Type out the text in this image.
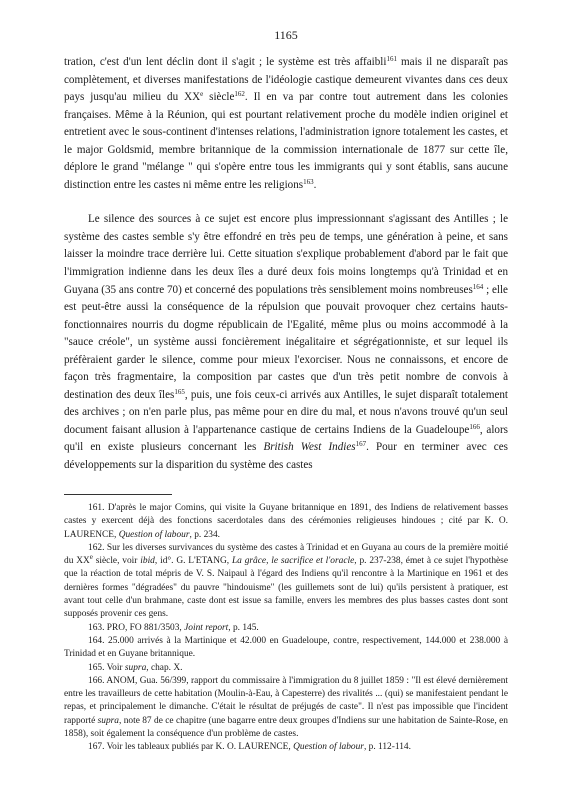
1165

tration, c'est d'un lent déclin dont il s'agit ; le système est très affaibli$^{161}$ mais il ne disparaît pas complètement, et diverses manifestations de l'idéologie castique demeurent vivantes dans ces deux pays jusqu'au milieu du XXe siècle$^{162}$. Il en va par contre tout autrement dans les colonies françaises. Même à la Réunion, qui est pourtant relativement proche du modèle indien originel et entretient avec le sous-continent d'intenses relations, l'administration ignore totalement les castes, et le major Goldsmid, membre britannique de la commission internationale de 1877 sur cette île, déplore le grand "mélange " qui s'opère entre tous les immigrants qui y sont établis, sans aucune distinction entre les castes ni même entre les religions$^{163}$.

Le silence des sources à ce sujet est encore plus impressionnant s'agissant des Antilles ; le système des castes semble s'y être effondré en très peu de temps, une génération à peine, et sans laisser la moindre trace derrière lui. Cette situation s'explique probablement d'abord par le fait que l'immigration indienne dans les deux îles a duré deux fois moins longtemps qu'à Trinidad et en Guyana (35 ans contre 70) et concerné des populations très sensiblement moins nombreuses$^{164}$ ; elle est peut-être aussi la conséquence de la répulsion que pouvait provoquer chez certains hauts-fonctionnaires nourris du dogme républicain de l'Egalité, même plus ou moins accommodé à la "sauce créole", un système aussi foncièrement inégalitaire et ségrégationniste, et sur lequel ils préfèraient garder le silence, comme pour mieux l'exorciser. Nous ne connaissons, et encore de façon très fragmentaire, la composition par castes que d'un très petit nombre de convois à destination des deux îles$^{165}$, puis, une fois ceux-ci arrivés aux Antilles, le sujet disparaît totalement des archives ; on n'en parle plus, pas même pour en dire du mal, et nous n'avons trouvé qu'un seul document faisant allusion à l'appartenance castique de certains Indiens de la Guadeloupe$^{166}$, alors qu'il en existe plusieurs concernant les British West Indies$^{167}$. Pour en terminer avec ces développements sur la disparition du système des castes

161. D'après le major Comins, qui visite la Guyane britannique en 1891, des Indiens de relativement basses castes y exercent déjà des fonctions sacerdotales dans des cérémonies religieuses hindoues ; cité par K. O. LAURENCE, Question of labour, p. 234.

162. Sur les diverses survivances du système des castes à Trinidad et en Guyana au cours de la première moitié du XXe siècle, voir ibid, id°. G. L'ETANG, La grâce, le sacrifice et l'oracle, p. 237-238, émet à ce sujet l'hypothèse que la réaction de total mépris de V. S. Naipaul à l'égard des Indiens qu'il rencontre à la Martinique en 1961 et des dernières formes "dégradées" du pauvre "hindouisme" (les guillemets sont de lui) qu'ils persistent à pratiquer, est avant tout celle d'un brahmane, caste dont est issue sa famille, envers les membres des plus basses castes dont sont supposés provenir ces gens.

163. PRO, FO 881/3503, Joint report, p. 145.

164. 25.000 arrivés à la Martinique et 42.000 en Guadeloupe, contre, respectivement, 144.000 et 238.000 à Trinidad et en Guyane britannique.

165. Voir supra, chap. X.

166. ANOM, Gua. 56/399, rapport du commissaire à l'immigration du 8 juillet 1859 : "Il est élevé dernièrement entre les travailleurs de cette habitation (Moulin-à-Eau, à Capesterre) des rivalités ... (qui) se manifestaient pendant le repas, et principalement le dimanche. C'était le résultat de préjugés de caste". Il n'est pas impossible que l'incident rapporté supra, note 87 de ce chapitre (une bagarre entre deux groupes d'Indiens sur une habitation de Sainte-Rose, en 1858), soit également la conséquence d'un problème de castes.

167. Voir les tableaux publiés par K. O. LAURENCE, Question of labour, p. 112-114.
